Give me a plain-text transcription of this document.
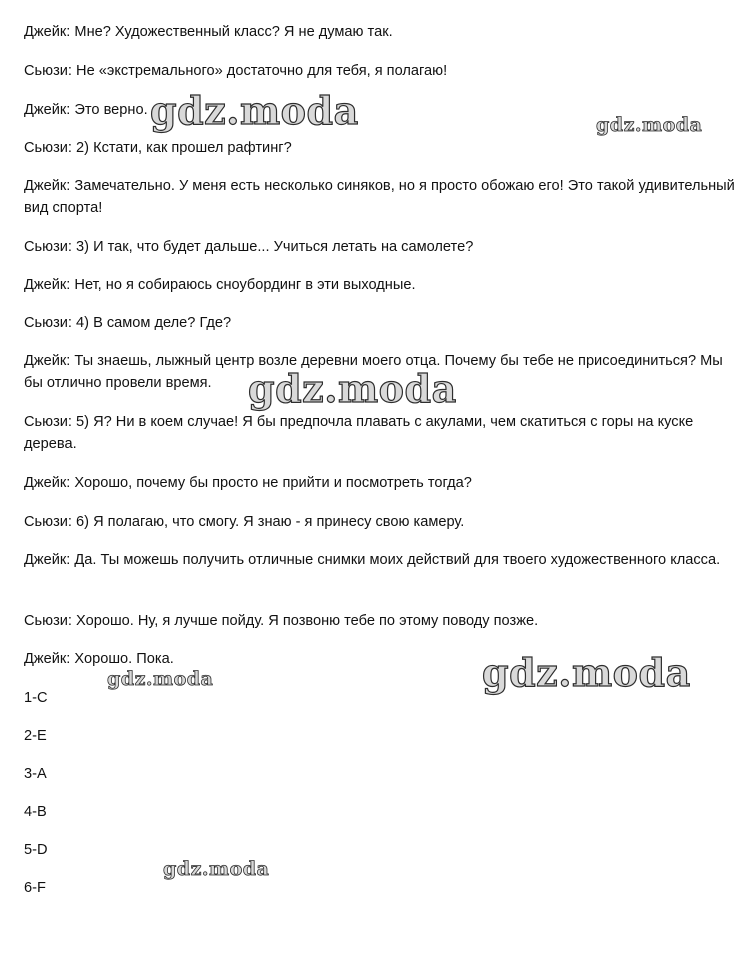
Джейк: Мне? Художественный класс? Я не думаю так.

Сьюзи: Не «экстремального» достаточно для тебя, я полагаю!

Джейк: Это верно.

Сьюзи: 2) Кстати, как прошел рафтинг?

Джейк: Замечательно. У меня есть несколько синяков, но я просто обожаю его! Это такой удивительный вид спорта!

Сьюзи: 3) И так, что будет дальше... Учиться летать на самолете?

Джейк: Нет, но я собираюсь сноубординг в эти выходные.

Сьюзи: 4) В самом деле? Где?

Джейк: Ты знаешь, лыжный центр возле деревни моего отца. Почему бы тебе не присоединиться? Мы бы отлично провели время.

Сьюзи: 5) Я? Ни в коем случае! Я бы предпочла плавать с акулами, чем скатиться с горы на куске дерева.

Джейк: Хорошо, почему бы просто не прийти и посмотреть тогда?

Сьюзи: 6) Я полагаю, что смогу. Я знаю - я принесу свою камеру.

Джейк: Да. Ты можешь получить отличные снимки моих действий для твоего художественного класса.

Сьюзи: Хорошо. Ну, я лучше пойду. Я позвоню тебе по этому поводу позже.

Джейк: Хорошо. Пока.

1-C

2-E

3-A

4-B

5-D

6-F

gdz.moda	gdz.moda
gdz.moda
gdz.moda
gdz.moda
gdz.moda
